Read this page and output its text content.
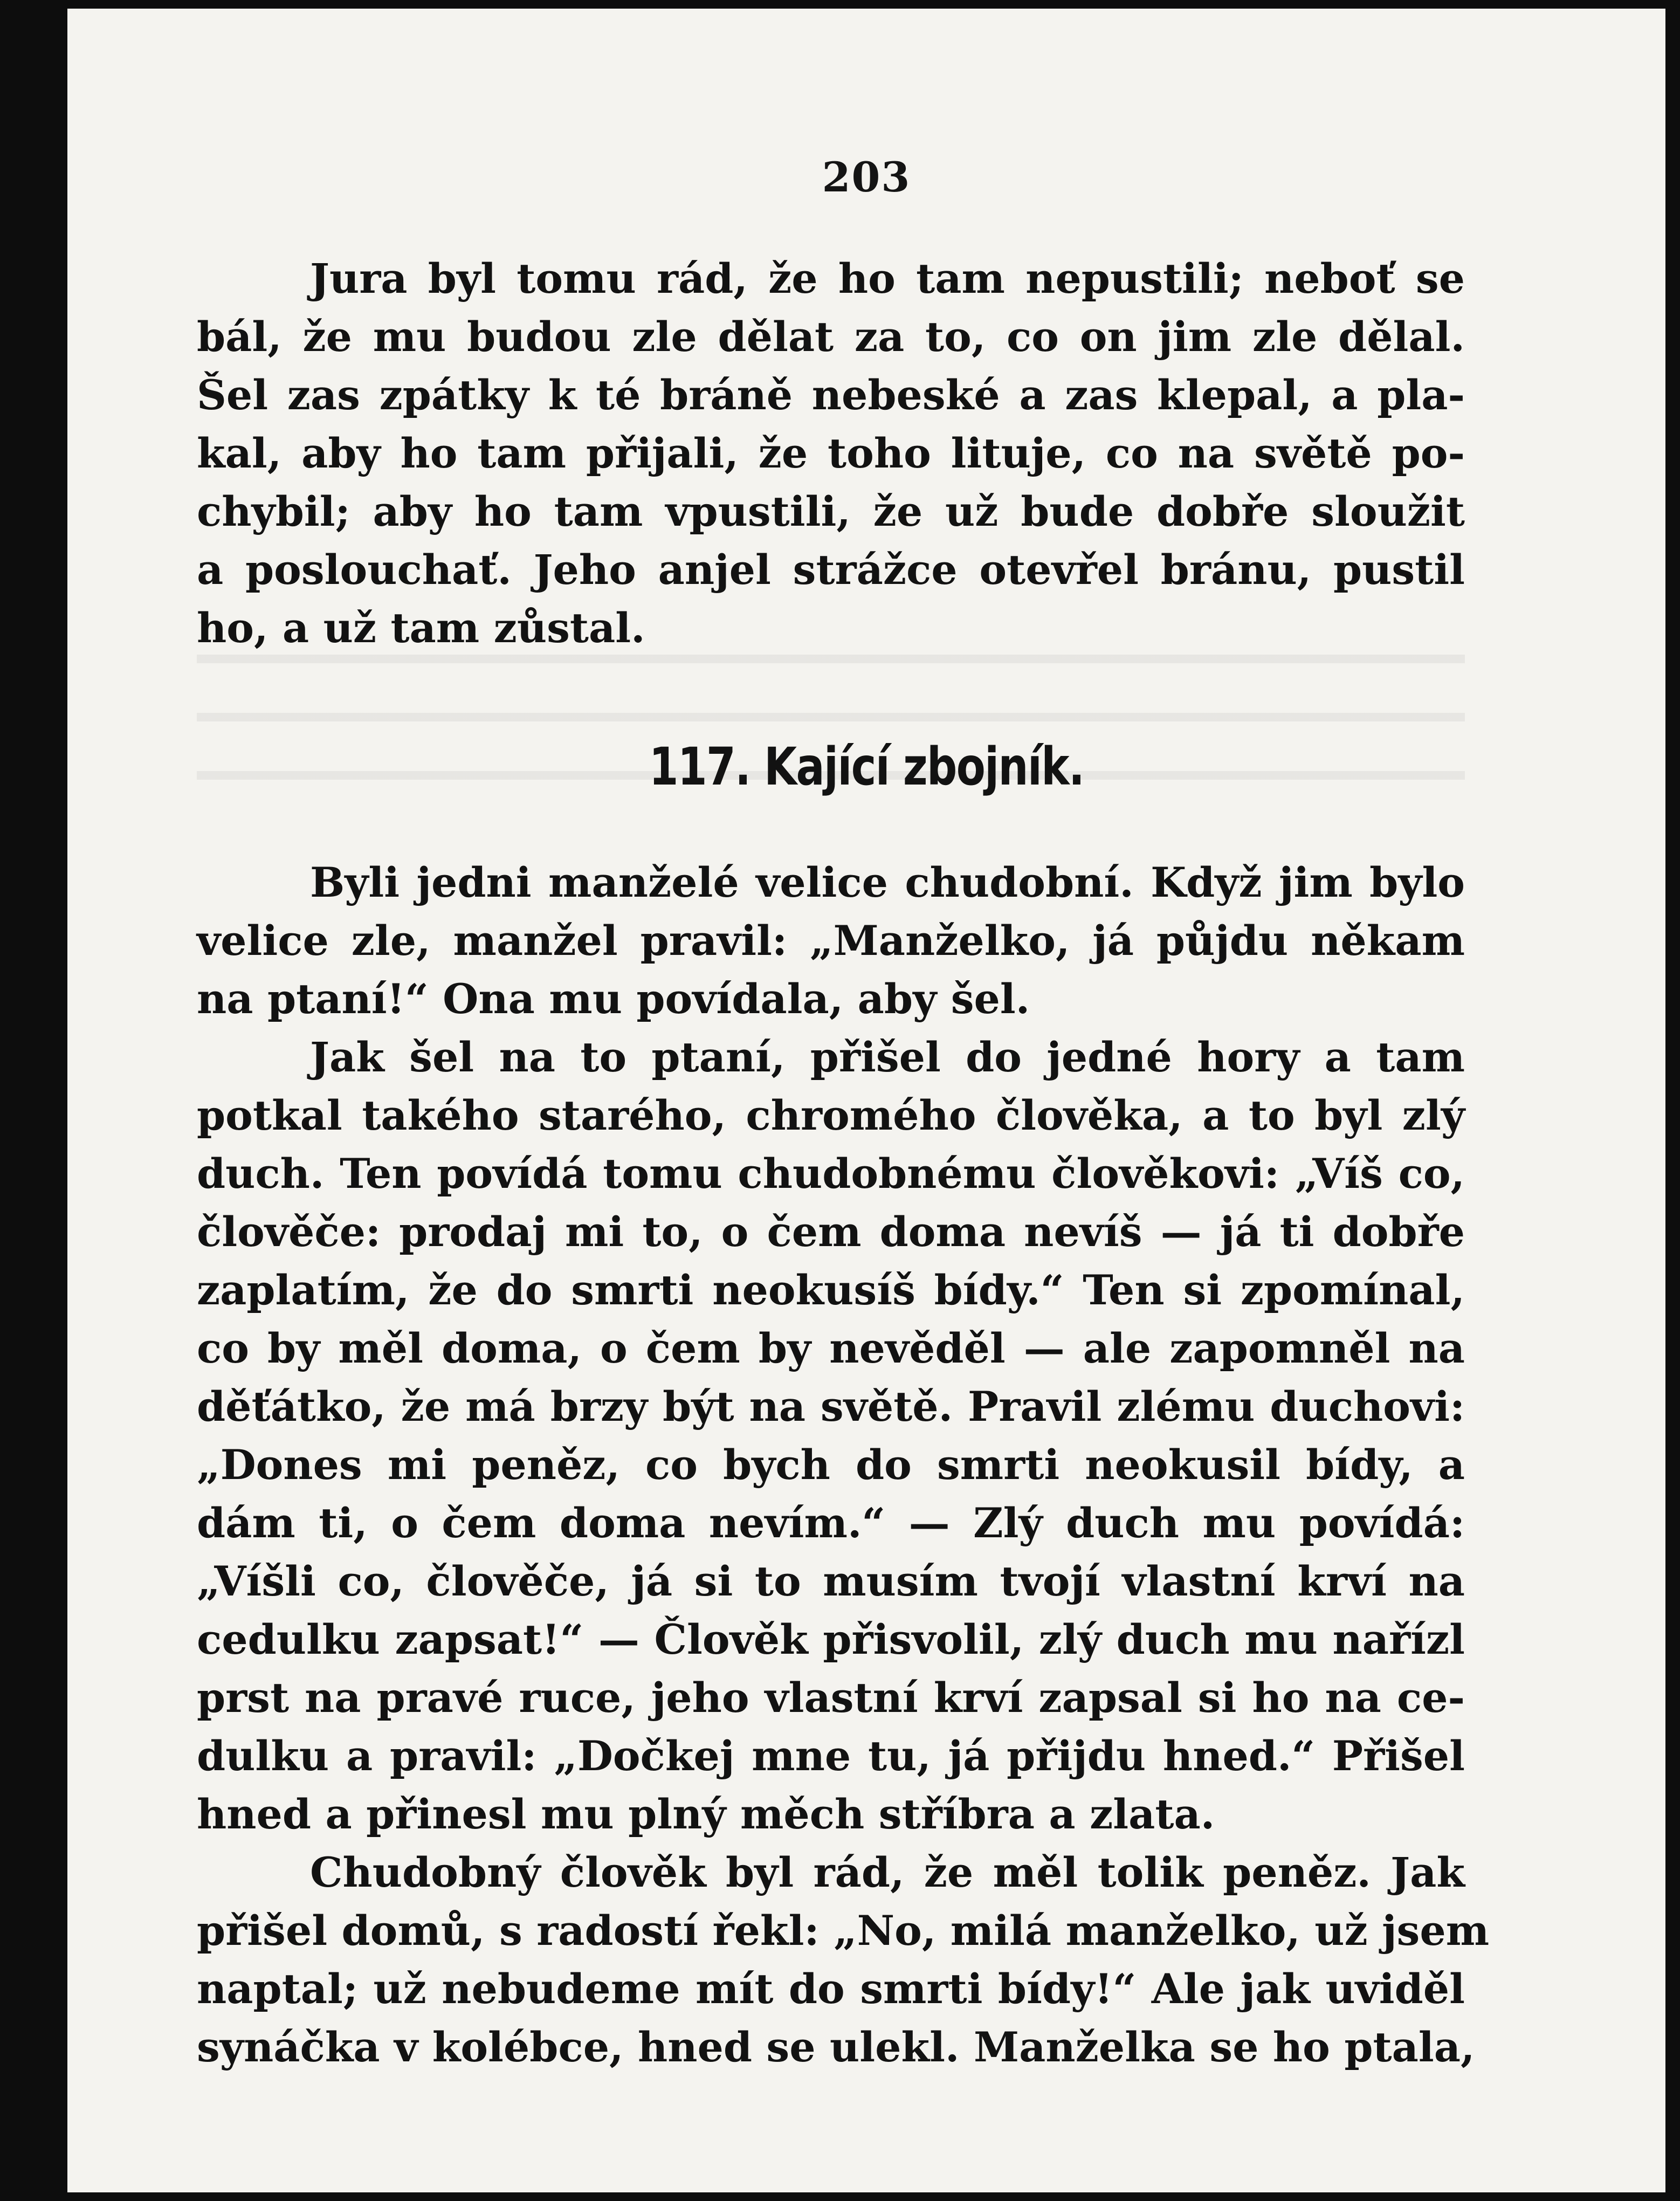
203
Jura byl tomu rád, že ho tam nepustili; neboť se
bál, že mu budou zle dělat za to, co on jim zle dělal.
Šel zas zpátky k té bráně nebeské a zas klepal, a pla-
kal, aby ho tam přijali, že toho lituje, co na světě po-
chybil; aby ho tam vpustili, že už bude dobře sloužit
a poslouchať. Jeho anjel strážce otevřel bránu, pustil
ho, a už tam zůstal.
117. Kající zbojník.
Byli jedni manželé velice chudobní. Když jim bylo
velice zle, manžel pravil: „Manželko, já půjdu někam
na ptaní!“ Ona mu povídala, aby šel.
Jak šel na to ptaní, přišel do jedné hory a tam
potkal takého starého, chromého člověka, a to byl zlý
duch. Ten povídá tomu chudobnému člověkovi: „Víš co,
člověče: prodaj mi to, o čem doma nevíš — já ti dobře
zaplatím, že do smrti neokusíš bídy.“ Ten si zpomínal,
co by měl doma, o čem by nevěděl — ale zapomněl na
děťátko, že má brzy být na světě. Pravil zlému duchovi:
„Dones mi peněz, co bych do smrti neokusil bídy, a
dám ti, o čem doma nevím.“ — Zlý duch mu povídá:
„Víšli co, člověče, já si to musím tvojí vlastní krví na
cedulku zapsat!“ — Člověk přisvolil, zlý duch mu nařízl
prst na pravé ruce, jeho vlastní krví zapsal si ho na ce-
dulku a pravil: „Dočkej mne tu, já přijdu hned.“ Přišel
hned a přinesl mu plný měch stříbra a zlata.
Chudobný člověk byl rád, že měl tolik peněz. Jak
přišel domů, s radostí řekl: „No, milá manželko, už jsem
naptal; už nebudeme mít do smrti bídy!“ Ale jak uviděl
synáčka v kolébce, hned se ulekl. Manželka se ho ptala,
